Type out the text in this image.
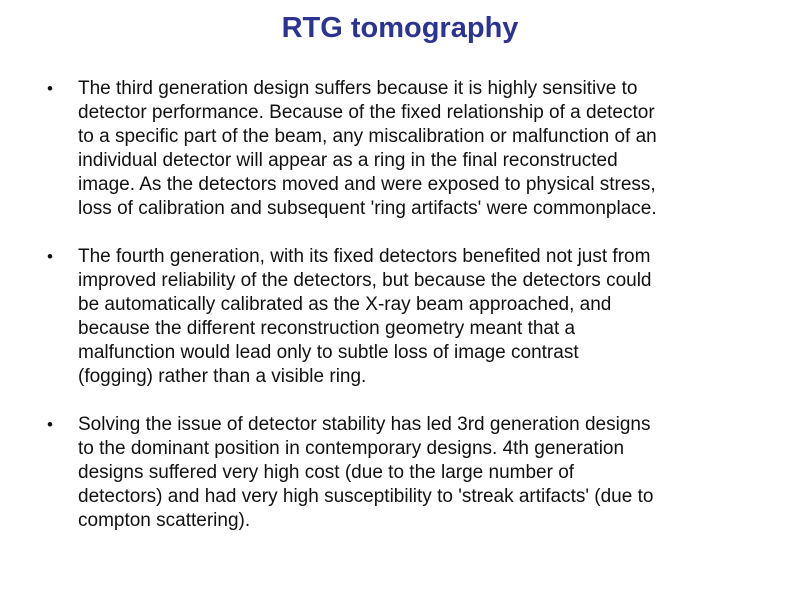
RTG tomography
• The third generation design suffers because it is highly sensitive to
detector performance. Because of the fixed relationship of a detector
to a specific part of the beam, any miscalibration or malfunction of an
individual detector will appear as a ring in the final reconstructed
image. As the detectors moved and were exposed to physical stress,
loss of calibration and subsequent 'ring artifacts' were commonplace.
• The fourth generation, with its fixed detectors benefited not just from
improved reliability of the detectors, but because the detectors could
be automatically calibrated as the X-ray beam approached, and
because the different reconstruction geometry meant that a
malfunction would lead only to subtle loss of image contrast
(fogging) rather than a visible ring.
• Solving the issue of detector stability has led 3rd generation designs
to the dominant position in contemporary designs. 4th generation
designs suffered very high cost (due to the large number of
detectors) and had very high susceptibility to 'streak artifacts' (due to
compton scattering).
